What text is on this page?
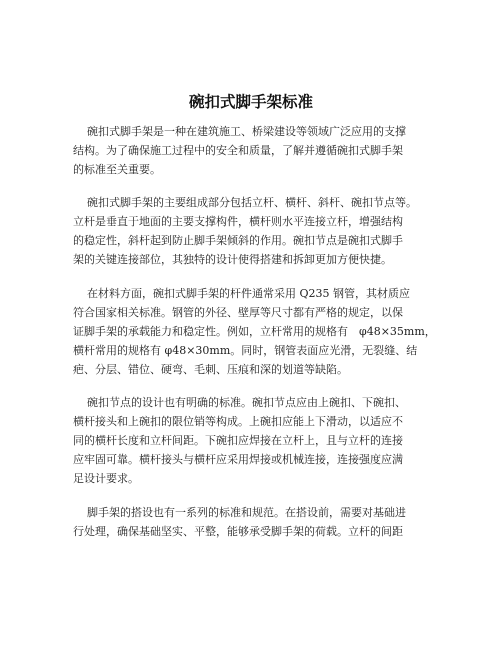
碗扣式脚手架标准
碗扣式脚手架是一种在建筑施工、桥梁建设等领域广泛应用的支撑
结构。为了确保施工过程中的安全和质量，了解并遵循碗扣式脚手架
的标准至关重要。
碗扣式脚手架的主要组成部分包括立杆、横杆、斜杆、碗扣节点等。
立杆是垂直于地面的主要支撑构件，横杆则水平连接立杆，增强结构
的稳定性，斜杆起到防止脚手架倾斜的作用。碗扣节点是碗扣式脚手
架的关键连接部位，其独特的设计使得搭建和拆卸更加方便快捷。
在材料方面，碗扣式脚手架的杆件通常采用 Q235 钢管，其材质应
符合国家相关标准。钢管的外径、壁厚等尺寸都有严格的规定，以保
证脚手架的承载能力和稳定性。例如，立杆常用的规格有　φ48×35mm，
横杆常用的规格有 φ48×30mm。同时，钢管表面应光滑，无裂缝、结
疤、分层、错位、硬弯、毛刺、压痕和深的划道等缺陷。
碗扣节点的设计也有明确的标准。碗扣节点应由上碗扣、下碗扣、
横杆接头和上碗扣的限位销等构成。上碗扣应能上下滑动，以适应不
同的横杆长度和立杆间距。下碗扣应焊接在立杆上，且与立杆的连接
应牢固可靠。横杆接头与横杆应采用焊接或机械连接，连接强度应满
足设计要求。
脚手架的搭设也有一系列的标准和规范。在搭设前，需要对基础进
行处理，确保基础坚实、平整，能够承受脚手架的荷载。立杆的间距
